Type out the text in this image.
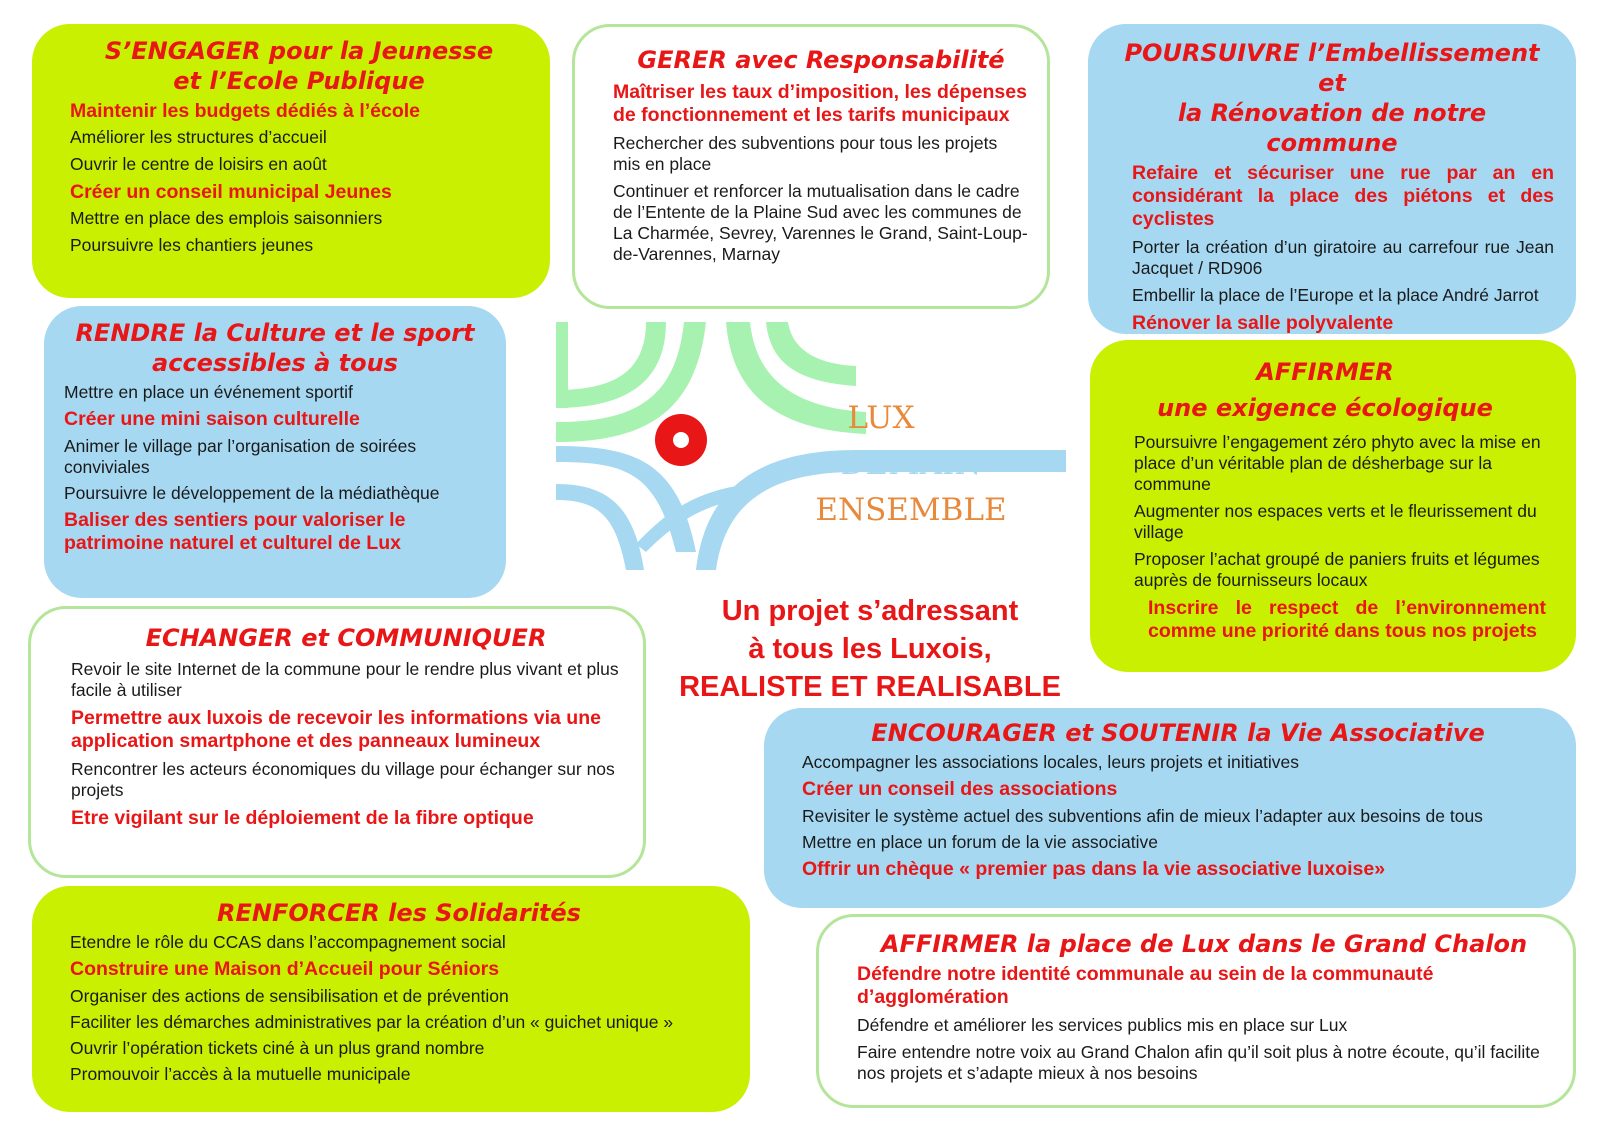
S’ENGAGER pour la Jeunesse
et l’Ecole Publique

Maintenir les budgets dédiés à l’école

Améliorer les structures d’accueil

Ouvrir le centre de loisirs en août

Créer un conseil municipal Jeunes

Mettre en place des emplois saisonniers

Poursuivre les chantiers jeunes

GERER avec Responsabilité

Maîtriser les taux d’imposition, les dépenses de fonctionnement et les tarifs municipaux

Rechercher des subventions pour tous les projets mis en place

Continuer et renforcer la mutualisation dans le cadre de l’Entente de la Plaine Sud avec les communes de La Charmée, Sevrey, Varennes le Grand, Saint-Loup-de-Varennes, Marnay

POURSUIVRE l’Embellissement et
la Rénovation de notre commune

Refaire et sécuriser une rue par an en considérant la place des piétons et des cyclistes

Porter la création d’un giratoire au carrefour rue Jean Jacquet / RD906

Embellir la place de l’Europe et la place André Jarrot

Rénover la salle polyvalente

RENDRE la Culture et le sport
accessibles à tous

Mettre en place un événement sportif

Créer une mini saison culturelle

Animer le village par l’organisation de soirées conviviales

Poursuivre le développement de la médiathèque

Baliser des sentiers pour valoriser le patrimoine naturel et culturel de Lux

LUX
DEMAIN
ENSEMBLE
AFFIRMER
une exigence écologique

Poursuivre l’engagement zéro phyto avec la mise en place d’un véritable plan de désherbage sur la commune

Augmenter nos espaces verts et le fleurissement du village

Proposer l’achat groupé de paniers fruits et légumes auprès de fournisseurs locaux

Inscrire le respect de l’environnement comme une priorité dans tous nos projets

Un projet s’adressant
à tous les Luxois,
REALISTE ET REALISABLE
ECHANGER et COMMUNIQUER

Revoir le site Internet de la commune pour le rendre plus vivant et plus facile à utiliser

Permettre aux luxois de recevoir les informations via une application smartphone et des panneaux lumineux

Rencontrer les acteurs économiques du village pour échanger sur nos projets

Etre vigilant sur le déploiement de la fibre optique

ENCOURAGER et SOUTENIR la Vie Associative

Accompagner les associations locales, leurs projets et initiatives

Créer un conseil des associations

Revisiter le système actuel des subventions afin de mieux l’adapter aux besoins de tous

Mettre en place un forum de la vie associative

Offrir un chèque « premier pas dans la vie associative luxoise»

RENFORCER les Solidarités

Etendre le rôle du CCAS dans l’accompagnement social

Construire une Maison d’Accueil pour Séniors

Organiser des actions de sensibilisation et de prévention

Faciliter les démarches administratives par la création d’un « guichet unique »

Ouvrir l’opération tickets ciné à un plus grand nombre

Promouvoir l’accès à la mutuelle municipale

AFFIRMER la place de Lux dans le Grand Chalon

Défendre notre identité communale au sein de la communauté d’agglomération

Défendre et améliorer les services publics mis en place sur Lux

Faire entendre notre voix au Grand Chalon afin qu’il soit plus à notre écoute, qu’il facilite nos projets et s’adapte mieux à nos besoins
